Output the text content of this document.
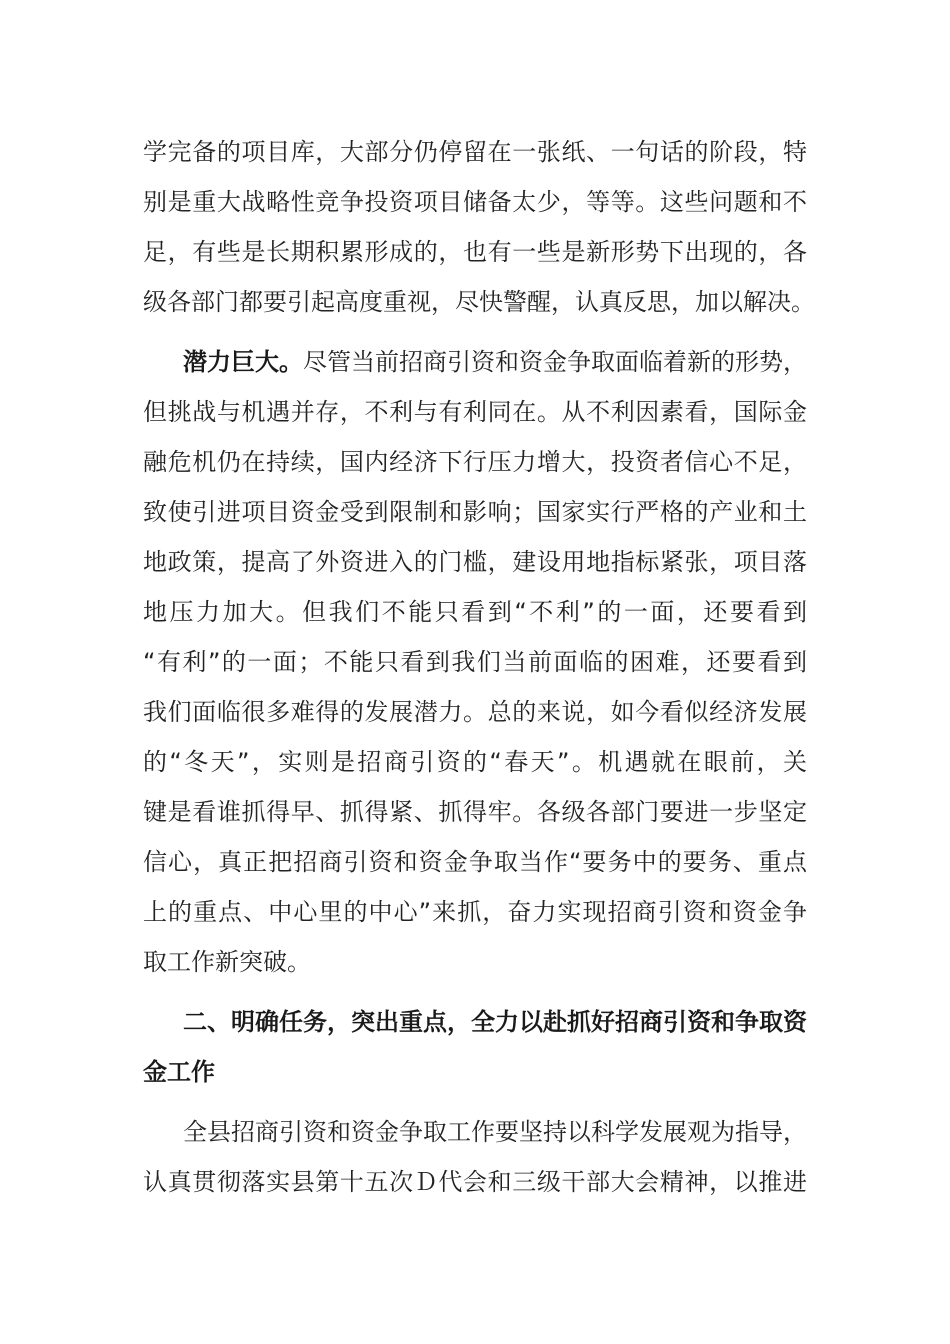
学完备的项目库，大部分仍停留在一张纸、一句话的阶段，特
别是重大战略性竞争投资项目储备太少，等等。这些问题和不
足，有些是长期积累形成的，也有一些是新形势下出现的，各
级各部门都要引起高度重视，尽快警醒，认真反思，加以解决。
潜力巨大。尽管当前招商引资和资金争取面临着新的形势，
但挑战与机遇并存，不利与有利同在。从不利因素看，国际金
融危机仍在持续，国内经济下行压力增大，投资者信心不足，
致使引进项目资金受到限制和影响；国家实行严格的产业和土
地政策，提高了外资进入的门槛，建设用地指标紧张，项目落
地压力加大。但我们不能只看到“不利”的一面，还要看到
“有利”的一面；不能只看到我们当前面临的困难，还要看到
我们面临很多难得的发展潜力。总的来说，如今看似经济发展
的“冬天”，实则是招商引资的“春天”。机遇就在眼前，关
键是看谁抓得早、抓得紧、抓得牢。各级各部门要进一步坚定
信心，真正把招商引资和资金争取当作“要务中的要务、重点
上的重点、中心里的中心”来抓，奋力实现招商引资和资金争
取工作新突破。
二、明确任务，突出重点，全力以赴抓好招商引资和争取资
金工作
全县招商引资和资金争取工作要坚持以科学发展观为指导，
认真贯彻落实县第十五次Ｄ代会和三级干部大会精神，以推进
